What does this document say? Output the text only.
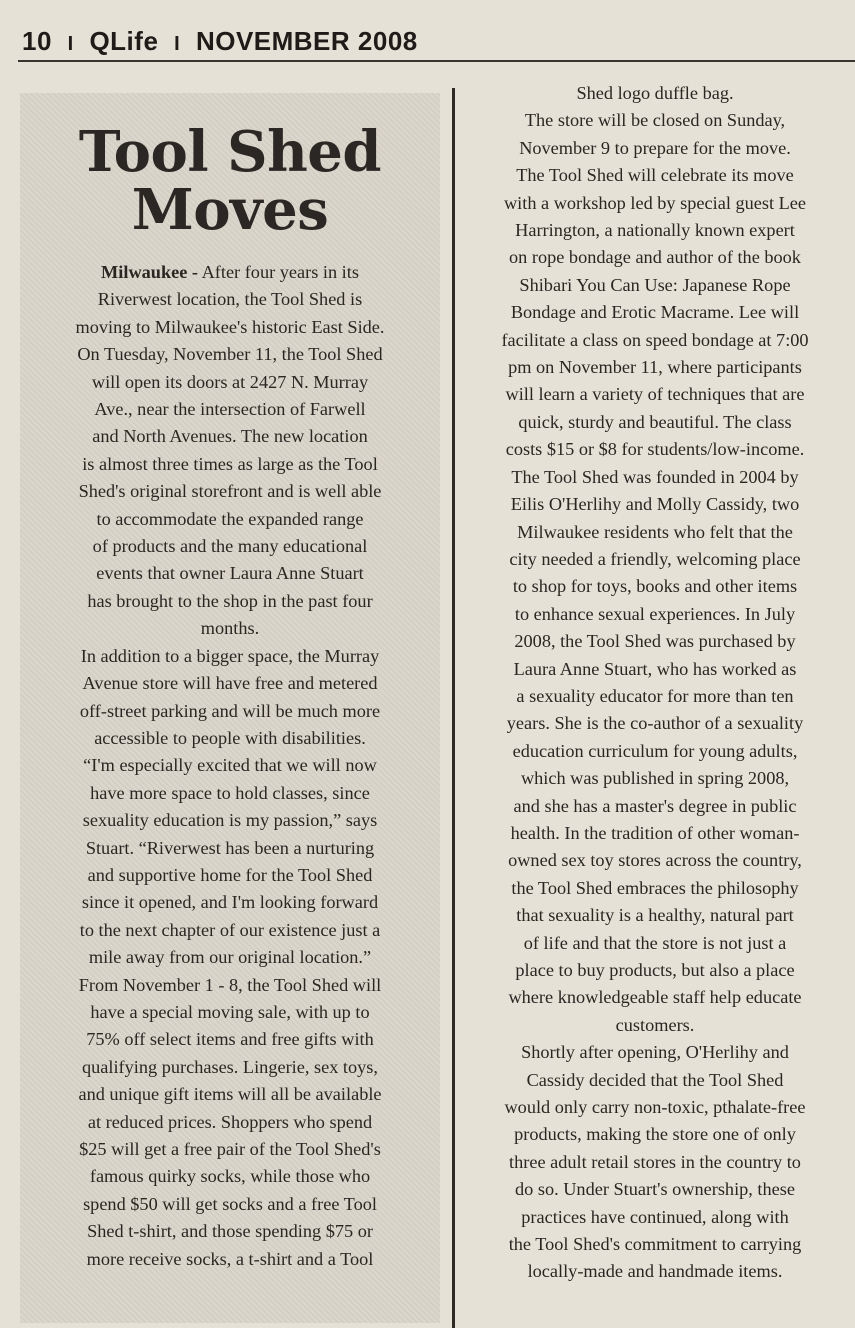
10 I QLife I NOVEMBER 2008
Tool Shed
Moves
Milwaukee - After four years in its
Riverwest location, the Tool Shed is
moving to Milwaukee's historic East Side.
On Tuesday, November 11, the Tool Shed
will open its doors at 2427 N. Murray
Ave., near the intersection of Farwell
and North Avenues. The new location
is almost three times as large as the Tool
Shed's original storefront and is well able
to accommodate the expanded range
of products and the many educational
events that owner Laura Anne Stuart
has brought to the shop in the past four
months.
In addition to a bigger space, the Murray
Avenue store will have free and metered
off-street parking and will be much more
accessible to people with disabilities.
“I'm especially excited that we will now
have more space to hold classes, since
sexuality education is my passion,” says
Stuart. “Riverwest has been a nurturing
and supportive home for the Tool Shed
since it opened, and I'm looking forward
to the next chapter of our existence just a
mile away from our original location.”
From November 1 - 8, the Tool Shed will
have a special moving sale, with up to
75% off select items and free gifts with
qualifying purchases. Lingerie, sex toys,
and unique gift items will all be available
at reduced prices. Shoppers who spend
$25 will get a free pair of the Tool Shed's
famous quirky socks, while those who
spend $50 will get socks and a free Tool
Shed t-shirt, and those spending $75 or
more receive socks, a t-shirt and a Tool
Shed logo duffle bag.
The store will be closed on Sunday,
November 9 to prepare for the move.
The Tool Shed will celebrate its move
with a workshop led by special guest Lee
Harrington, a nationally known expert
on rope bondage and author of the book
Shibari You Can Use: Japanese Rope
Bondage and Erotic Macrame. Lee will
facilitate a class on speed bondage at 7:00
pm on November 11, where participants
will learn a variety of techniques that are
quick, sturdy and beautiful. The class
costs $15 or $8 for students/low-income.
The Tool Shed was founded in 2004 by
Eilis O'Herlihy and Molly Cassidy, two
Milwaukee residents who felt that the
city needed a friendly, welcoming place
to shop for toys, books and other items
to enhance sexual experiences. In July
2008, the Tool Shed was purchased by
Laura Anne Stuart, who has worked as
a sexuality educator for more than ten
years. She is the co-author of a sexuality
education curriculum for young adults,
which was published in spring 2008,
and she has a master's degree in public
health. In the tradition of other woman-
owned sex toy stores across the country,
the Tool Shed embraces the philosophy
that sexuality is a healthy, natural part
of life and that the store is not just a
place to buy products, but also a place
where knowledgeable staff help educate
customers.
Shortly after opening, O'Herlihy and
Cassidy decided that the Tool Shed
would only carry non-toxic, pthalate-free
products, making the store one of only
three adult retail stores in the country to
do so. Under Stuart's ownership, these
practices have continued, along with
the Tool Shed's commitment to carrying
locally-made and handmade items.
